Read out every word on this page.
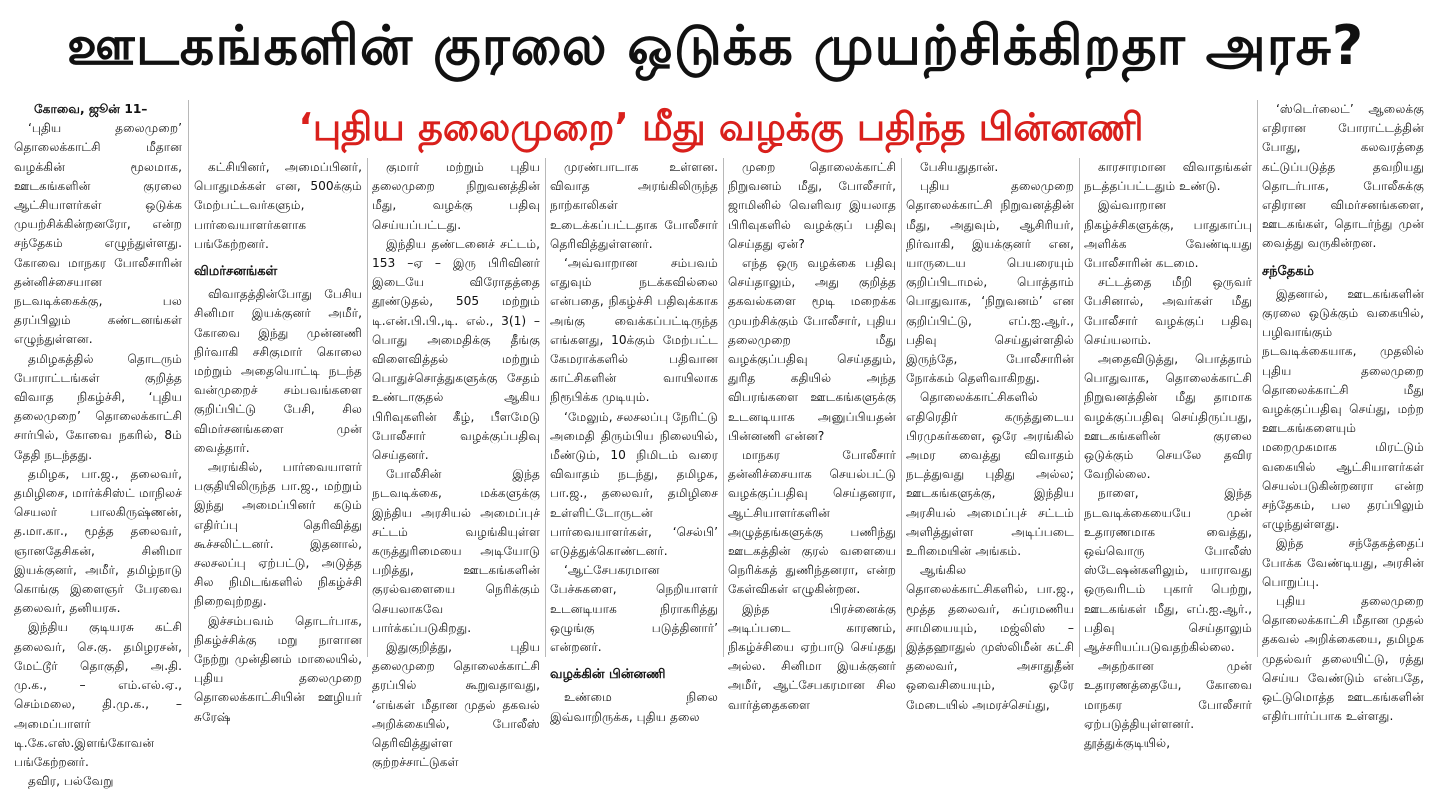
ஊடகங்களின் குரலை ஒடுக்க முயற்சிக்கிறதா அரசு?
‘புதிய தலைமுறை’ மீது வழக்கு பதிந்த பின்னணி

கோவை, ஜூன் 11–

‘புதிய தலைமுறை’ தொலைக்காட்சி மீதான வழக்கின் மூலமாக, ஊடகங்களின் குரலை ஆட்சியாளர்கள் ஒடுக்க முயற்சிக்கின்றனரோ, என்ற சந்தேகம் எழுந்துள்ளது. கோவை மாநகர போலீசாரின் தன்னிச்சையான நடவடிக்கைக்கு, பல தரப்பிலும் கண்டனங்கள் எழுந்துள்ளன.

தமிழகத்தில் தொடரும் போராட்டங்கள் குறித்த விவாத நிகழ்ச்சி, ‘புதிய தலைமுறை’ தொலைக்காட்சி சார்பில், கோவை நகரில், 8ம் தேதி நடந்தது.

தமிழக, பா.ஜ., தலைவர், தமிழிசை, மார்க்சிஸ்ட் மாநிலச் செயலர் பாலகிருஷ்ணன், த.மா.கா., மூத்த தலைவர், ஞானதேசிகன், சினிமா இயக்குனர், அமீர், தமிழ்நாடு கொங்கு இளைஞர் பேரவை தலைவர், தனியரசு.

இந்திய குடியரசு கட்சி தலைவர், செ.கு. தமிழரசன், மேட்டூர் தொகுதி, அ.தி. மு.க., – எம்.எல்.ஏ., செம்மலை, தி.மு.க., – அமைப்பாளர் டி.கே.எஸ்.இளங்கோவன் பங்கேற்றனர்.

தவிர, பல்வேறு

கட்சியினர், அமைப்பினர், பொதுமக்கள் என, 500க்கும் மேற்பட்டவர்களும், பார்வையாளர்களாக பங்கேற்றனர்.

விமர்சனங்கள்

விவாதத்தின்போது பேசிய சினிமா இயக்குனர் அமீர், கோவை இந்து முன்னணி நிர்வாகி சசிகுமார் கொலை மற்றும் அதையொட்டி நடந்த வன்முறைச் சம்பவங்களை குறிப்பிட்டு பேசி, சில விமர்சனங்களை முன் வைத்தார்.

அரங்கில், பார்வையாளர் பகுதியிலிருந்த பா.ஜ., மற்றும் இந்து அமைப்பினர் கடும் எதிர்ப்பு தெரிவித்து கூச்சலிட்டனர். இதனால், சலசலப்பு ஏற்பட்டு, அடுத்த சில நிமிடங்களில் நிகழ்ச்சி நிறைவுற்றது.

இச்சம்பவம் தொடர்பாக, நிகழ்ச்சிக்கு மறு நாளான நேற்று முன்தினம் மாலையில், புதிய தலைமுறை தொலைக்காட்சியின் ஊழியர் சுரேஷ்

குமார் மற்றும் புதிய தலைமுறை நிறுவனத்தின் மீது, வழக்கு பதிவு செய்யப்பட்டது.

இந்திய தண்டனைச் சட்டம், 153 –ஏ – இரு பிரிவினர் இடையே விரோதத்தை தூண்டுதல், 505 மற்றும் டி.என்.பி.பி.,டி. எல்., 3(1) – பொது அமைதிக்கு தீங்கு விளைவித்தல் மற்றும் பொதுச்சொத்துகளுக்கு சேதம் உண்டாகுதல் ஆகிய பிரிவுகளின் கீழ், பீளமேடு போலீசார் வழக்குப்பதிவு செய்தனர்.

போலீசின் இந்த நடவடிக்கை, மக்களுக்கு இந்திய அரசியல் அமைப்புச் சட்டம் வழங்கியுள்ள கருத்துரிமையை அடியோடு பறித்து, ஊடகங்களின் குரல்வளையை நெரிக்கும் செயலாகவே பார்க்கப்படுகிறது.

இதுகுறித்து, புதிய தலைமுறை தொலைக்காட்சி தரப்பில் கூறுவதாவது, ‘எங்கள் மீதான முதல் தகவல் அறிக்கையில், போலீஸ் தெரிவித்துள்ள குற்றச்சாட்டுகள்

முரண்பாடாக உள்ளன. விவாத அரங்கிலிருந்த நாற்காலிகள் உடைக்கப்பட்டதாக போலீசார் தெரிவித்துள்ளனர்.

‘அவ்வாறான சம்பவம் எதுவும் நடக்கவில்லை என்பதை, நிகழ்ச்சி பதிவுக்காக அங்கு வைக்கப்பட்டிருந்த எங்களது, 10க்கும் மேற்பட்ட கேமராக்களில் பதிவான காட்சிகளின் வாயிலாக நிரூபிக்க முடியும்.

‘மேலும், சலசலப்பு நேரிட்டு அமைதி திரும்பிய நிலையில், மீண்டும், 10 நிமிடம் வரை விவாதம் நடந்து, தமிழக, பா.ஜ., தலைவர், தமிழிசை உள்ளிட்டோருடன் பார்வையாளர்கள், ‘செல்பி’ எடுத்துக்கொண்டனர்.

‘ஆட்சேபகரமான பேச்சுகளை, நெறியாளர் உடனடியாக நிராகரித்து ஒழுங்கு படுத்தினார்’ என்றனர்.

வழக்கின் பின்னணி

உண்மை நிலை இவ்வாறிருக்க, புதிய தலை

முறை தொலைக்காட்சி நிறுவனம் மீது, போலீசார், ஜாமினில் வெளிவர இயலாத பிரிவுகளில் வழக்குப் பதிவு செய்தது ஏன்?

எந்த ஒரு வழக்கை பதிவு செய்தாலும், அது குறித்த தகவல்களை மூடி மறைக்க முயற்சிக்கும் போலீசார், புதிய தலைமுறை மீது வழக்குப்பதிவு செய்ததும், துரித கதியில் அந்த விபரங்களை ஊடகங்களுக்கு உடனடியாக அனுப்பியதன் பின்னணி என்ன?

மாநகர போலீசார் தன்னிச்சையாக செயல்பட்டு வழக்குப்பதிவு செய்தனரா, ஆட்சியாளர்களின் அழுத்தங்களுக்கு பணிந்து ஊடகத்தின் குரல் வளையை நெரிக்கத் துணிந்தனரா, என்ற கேள்விகள் எழுகின்றன.

இந்த பிரச்னைக்கு அடிப்படை காரணம், நிகழ்ச்சியை ஏற்பாடு செய்தது அல்ல. சினிமா இயக்குனர் அமீர், ஆட்சேபகரமான சில வார்த்தைகளை

பேசியதுதான்.

புதிய தலைமுறை தொலைக்காட்சி நிறுவனத்தின் மீது, அதுவும், ஆசிரியர், நிர்வாகி, இயக்குனர் என, யாருடைய பெயரையும் குறிப்பிடாமல், பொத்தாம் பொதுவாக, ‘நிறுவனம்’ என குறிப்பிட்டு, எப்.ஐ.ஆர்., பதிவு செய்துள்ளதில் இருந்தே, போலீசாரின் நோக்கம் தெளிவாகிறது.

தொலைக்காட்சிகளில் எதிரெதிர் கருத்துடைய பிரமுகர்களை, ஒரே அரங்கில் அமர வைத்து விவாதம் நடத்துவது புதிது அல்ல; ஊடகங்களுக்கு, இந்திய அரசியல் அமைப்புச் சட்டம் அளித்துள்ள அடிப்படை உரிமையின் அங்கம்.

ஆங்கில தொலைக்காட்சிகளில், பா.ஜ., மூத்த தலைவர், சுப்ரமணிய சாமியையும், மஜ்லிஸ் – இத்தஹாதுல் முஸ்லிமீன் கட்சி தலைவர், அசாதுதீன் ஒவைசியையும், ஒரே மேடையில் அமரச்செய்து,

காரசாரமான விவாதங்கள் நடத்தப்பட்டதும் உண்டு.

இவ்வாறான நிகழ்ச்சிகளுக்கு, பாதுகாப்பு அளிக்க வேண்டியது போலீசாரின் கடமை.

சட்டத்தை மீறி ஒருவர் பேசினால், அவர்கள் மீது போலீசார் வழக்குப் பதிவு செய்யலாம்.

அதைவிடுத்து, பொத்தாம் பொதுவாக, தொலைக்காட்சி நிறுவனத்தின் மீது தாமாக வழக்குப்பதிவு செய்திருப்பது, ஊடகங்களின் குரலை ஒடுக்கும் செயலே தவிர வேறில்லை.

நாளை, இந்த நடவடிக்கையையே முன் உதாரணமாக வைத்து, ஒவ்வொரு போலீஸ் ஸ்டேஷன்களிலும், யாராவது ஒருவரிடம் புகார் பெற்று, ஊடகங்கள் மீது, எப்.ஐ.ஆர்., பதிவு செய்தாலும் ஆச்சரியப்படுவதற்கில்லை.

அதற்கான முன் உதாரணத்தையே, கோவை மாநகர போலீசார் ஏற்படுத்தியுள்ளனர். தூத்துக்குடியில்,

‘ஸ்டெர்லைட்’ ஆலைக்கு எதிரான போராட்டத்தின் போது, கலவரத்தை கட்டுப்படுத்த தவறியது தொடர்பாக, போலீசுக்கு எதிரான விமர்சனங்களை, ஊடகங்கள், தொடர்ந்து முன் வைத்து வருகின்றன.

சந்தேகம்

இதனால், ஊடகங்களின் குரலை ஒடுக்கும் வகையில், பழிவாங்கும் நடவடிக்கையாக, முதலில் புதிய தலைமுறை தொலைக்காட்சி மீது வழக்குப்பதிவு செய்து, மற்ற ஊடகங்களையும் மறைமுகமாக மிரட்டும் வகையில் ஆட்சியாளர்கள் செயல்படுகின்றனரா என்ற சந்தேகம், பல தரப்பிலும் எழுந்துள்ளது.

இந்த சந்தேகத்தைப் போக்க வேண்டியது, அரசின் பொறுப்பு.

புதிய தலைமுறை தொலைக்காட்சி மீதான முதல் தகவல் அறிக்கையை, தமிழக முதல்வர் தலையிட்டு, ரத்து செய்ய வேண்டும் என்பதே, ஒட்டுமொத்த ஊடகங்களின் எதிர்பார்ப்பாக உள்ளது.
